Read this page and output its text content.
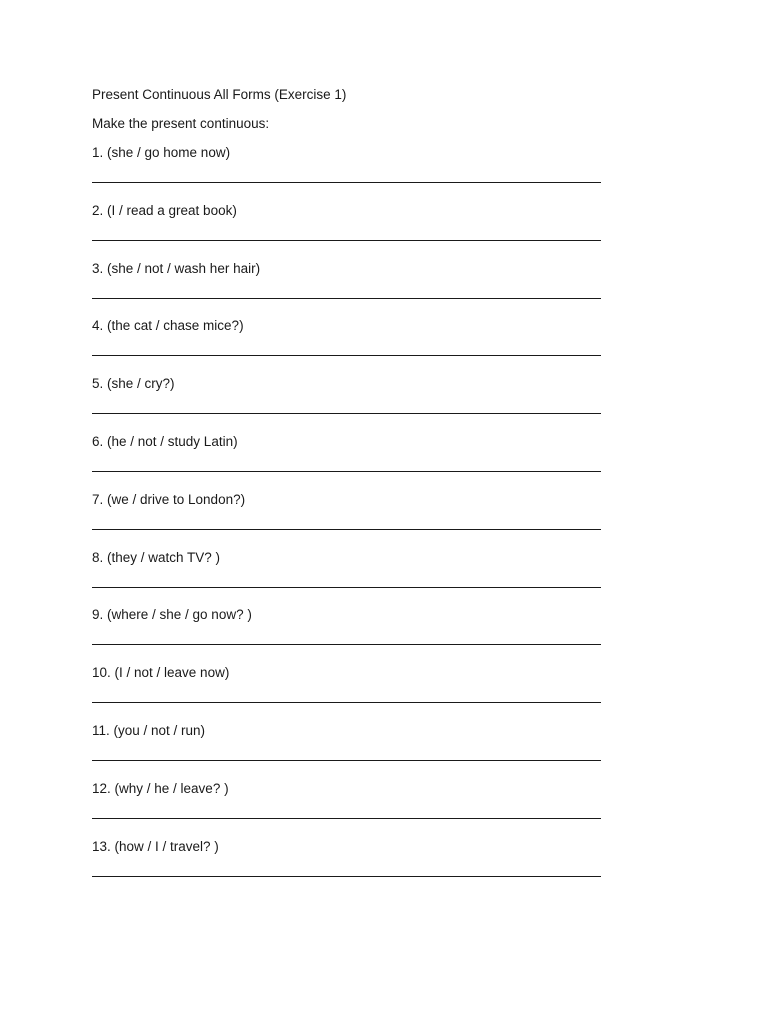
Present Continuous All Forms (Exercise 1)
Make the present continuous:
1. (she / go home now)
2. (I / read a great book)
3. (she / not / wash her hair)
4. (the cat / chase mice?)
5. (she / cry?)
6. (he / not / study Latin)
7. (we / drive to London?)
8. (they / watch TV? )
9. (where / she / go now? )
10. (I / not / leave now)
11. (you / not / run)
12. (why / he / leave? )
13. (how / I / travel? )
